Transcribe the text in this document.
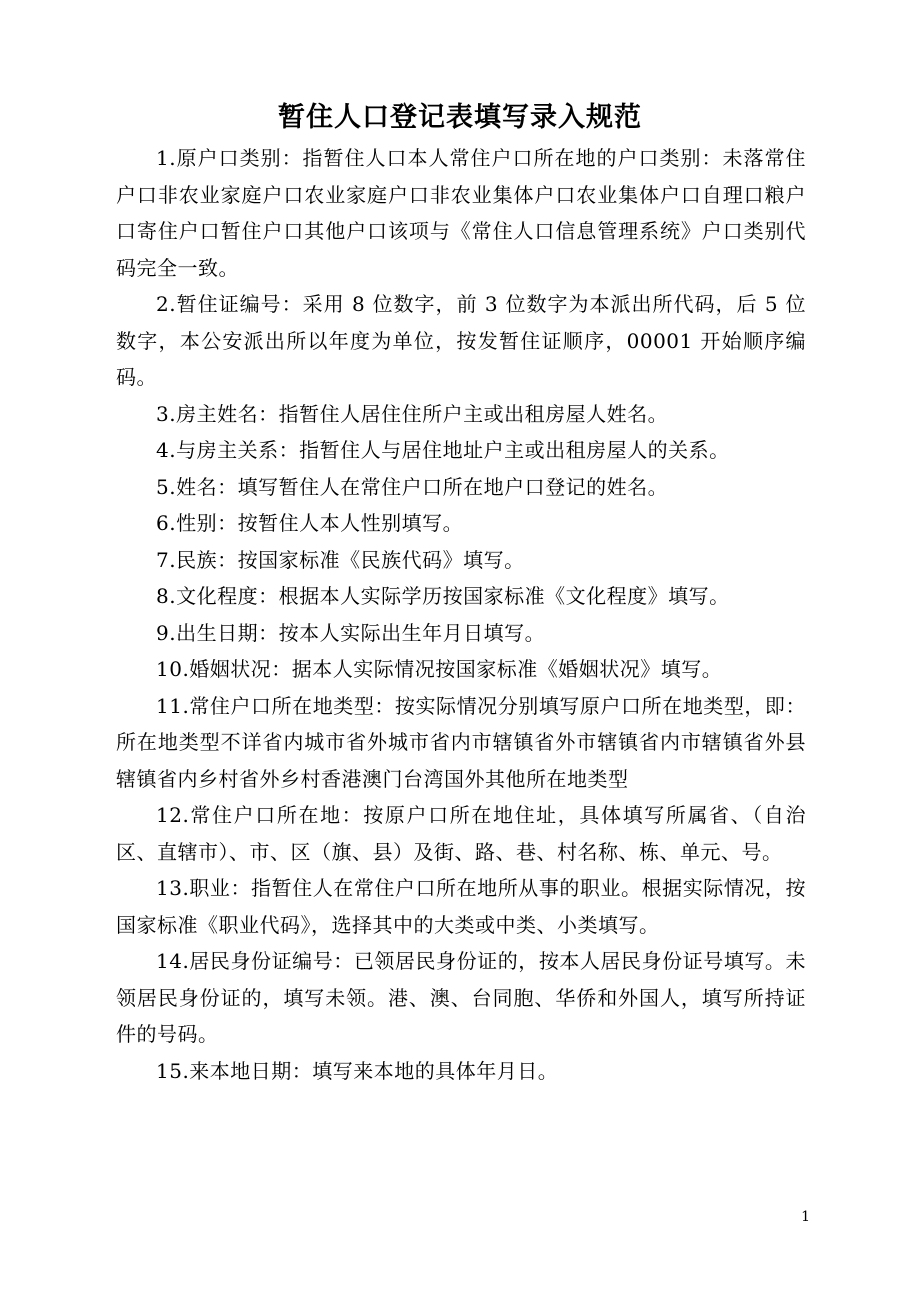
暂住人口登记表填写录入规范

1.原户口类别：指暂住人口本人常住户口所在地的户口类别：未落常住户口非农业家庭户口农业家庭户口非农业集体户口农业集体户口自理口粮户口寄住户口暂住户口其他户口该项与《常住人口信息管理系统》户口类别代码完全一致。

2.暂住证编号：采用 8 位数字，前 3 位数字为本派出所代码，后 5 位数字，本公安派出所以年度为单位，按发暂住证顺序，00001 开始顺序编码。

3.房主姓名：指暂住人居住住所户主或出租房屋人姓名。

4.与房主关系：指暂住人与居住地址户主或出租房屋人的关系。

5.姓名：填写暂住人在常住户口所在地户口登记的姓名。

6.性别：按暂住人本人性别填写。

7.民族：按国家标准《民族代码》填写。

8.文化程度：根据本人实际学历按国家标准《文化程度》填写。

9.出生日期：按本人实际出生年月日填写。

10.婚姻状况：据本人实际情况按国家标准《婚姻状况》填写。

11.常住户口所在地类型：按实际情况分别填写原户口所在地类型，即：所在地类型不详省内城市省外城市省内市辖镇省外市辖镇省内市辖镇省外县辖镇省内乡村省外乡村香港澳门台湾国外其他所在地类型

12.常住户口所在地：按原户口所在地住址，具体填写所属省、（自治区、直辖市）、市、区（旗、县）及街、路、巷、村名称、栋、单元、号。

13.职业：指暂住人在常住户口所在地所从事的职业。根据实际情况，按国家标准《职业代码》，选择其中的大类或中类、小类填写。

14.居民身份证编号：已领居民身份证的，按本人居民身份证号填写。未领居民身份证的，填写未领。港、澳、台同胞、华侨和外国人，填写所持证件的号码。

15.来本地日期：填写来本地的具体年月日。

1
